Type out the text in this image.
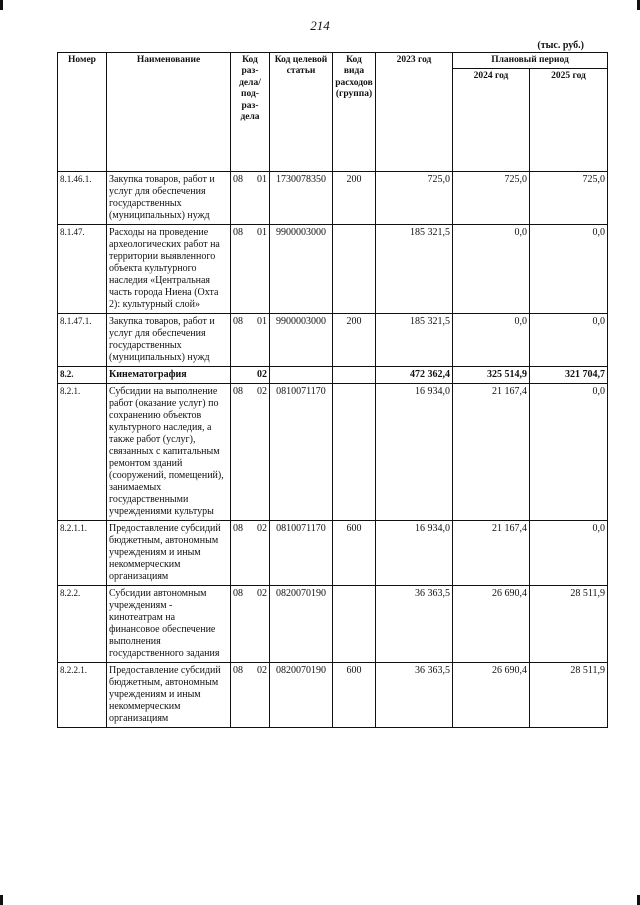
214
(тыс. руб.)
Номер	Наименование	Код раз- дела/ под- раз- дела	Код целевой статьи	Код вида расходов (группа)	2023 год	Плановый период	
						2024 год	2025 год
8.1.46.1.	Закупка товаров, работ и услуг для обеспечения государственных (муниципальных) нужд	08 01	1730078350	200	725,0	725,0	725,0
8.1.47.	Расходы на проведение археологических работ на территории выявленного объекта культурного наследия «Центральная часть города Ниена (Охта 2): культурный слой»	08 01	9900003000		185 321,5	0,0	0,0
8.1.47.1.	Закупка товаров, работ и услуг для обеспечения государственных (муниципальных) нужд	08 01	9900003000	200	185 321,5	0,0	0,0
8.2.	Кинематография	02			472 362,4	325 514,9	321 704,7
8.2.1.	Субсидии на выполнение работ (оказание услуг) по сохранению объектов культурного наследия, а также работ (услуг), связанных с капитальным ремонтом зданий (сооружений, помещений), занимаемых государственными учреждениями культуры	08 02	0810071170		16 934,0	21 167,4	0,0
8.2.1.1.	Предоставление субсидий бюджетным, автономным учреждениям и иным некоммерческим организациям	08 02	0810071170	600	16 934,0	21 167,4	0,0
8.2.2.	Субсидии автономным учреждениям - кинотеатрам на финансовое обеспечение выполнения государственного задания	08 02	0820070190		36 363,5	26 690,4	28 511,9
8.2.2.1.	Предоставление субсидий бюджетным, автономным учреждениям и иным некоммерческим организациям	08 02	0820070190	600	36 363,5	26 690,4	28 511,9
